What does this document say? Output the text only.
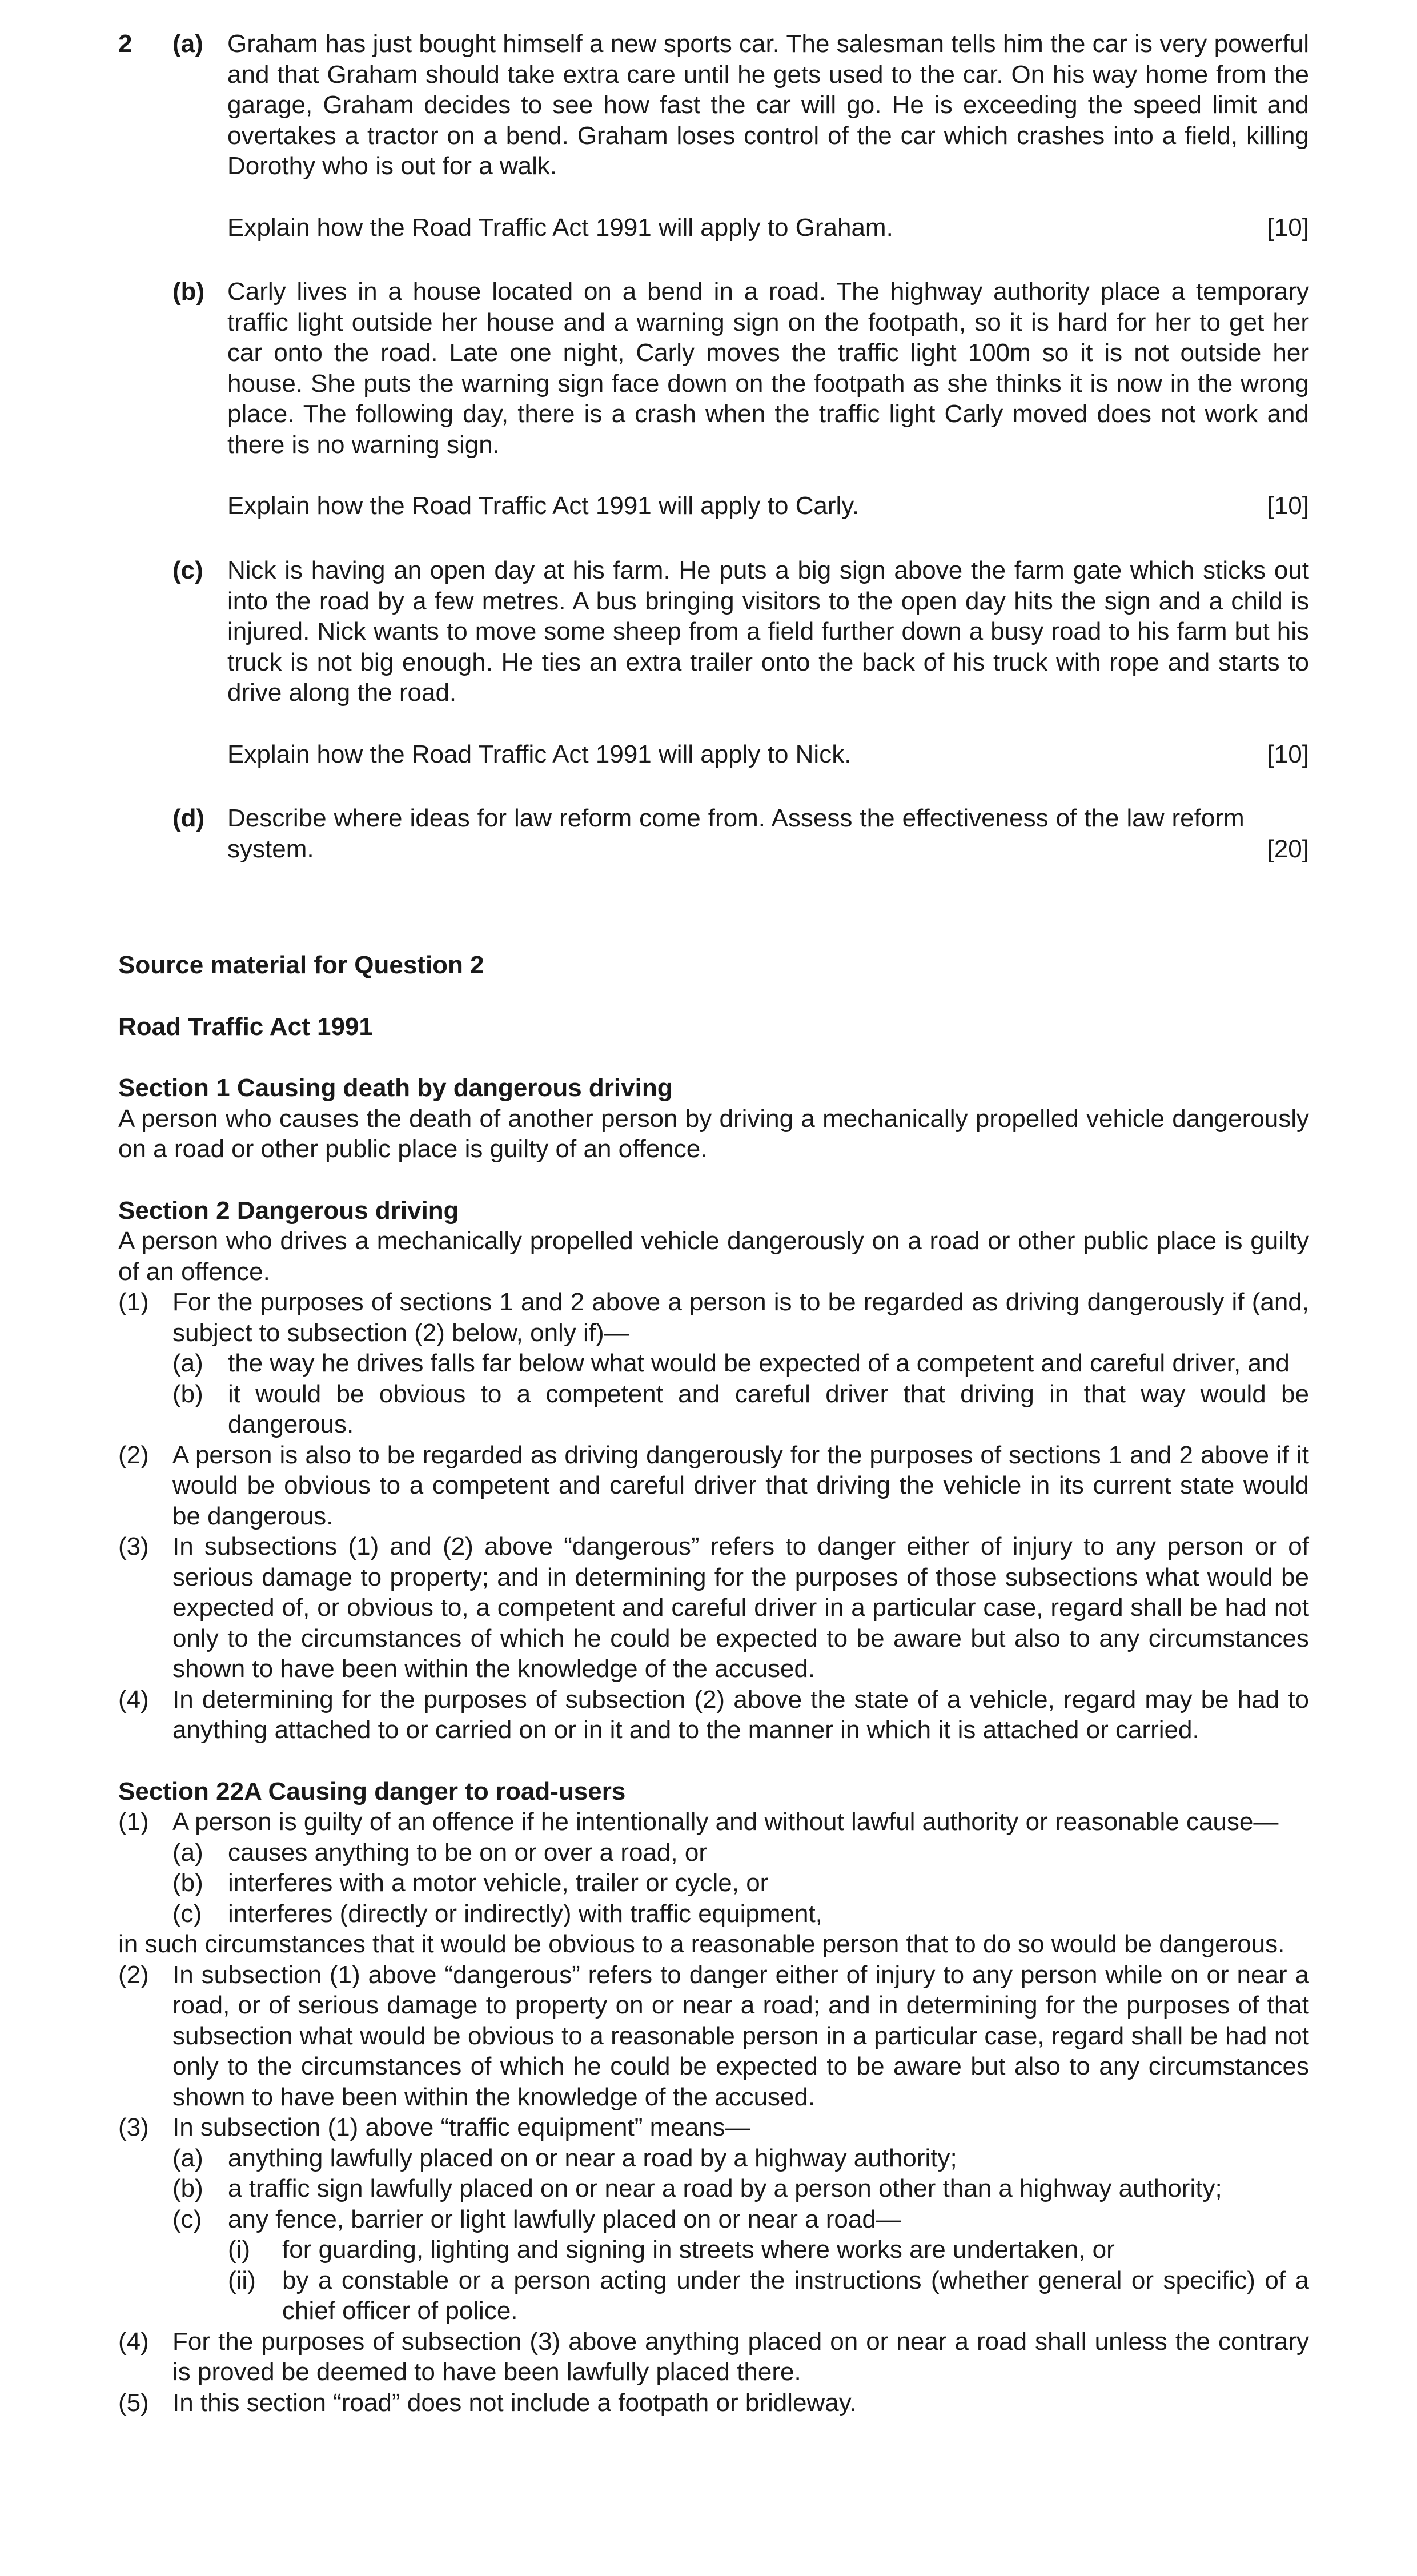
2 (a) Graham has just bought himself a new sports car. The salesman tells him the car is very powerful and that Graham should take extra care until he gets used to the car. On his way home from the garage, Graham decides to see how fast the car will go. He is exceeding the speed limit and overtakes a tractor on a bend. Graham loses control of the car which crashes into a field, killing Dorothy who is out for a walk.
Explain how the Road Traffic Act 1991 will apply to Graham.	[10]
(b) Carly lives in a house located on a bend in a road. The highway authority place a temporary traffic light outside her house and a warning sign on the footpath, so it is hard for her to get her car onto the road. Late one night, Carly moves the traffic light 100m so it is not outside her house. She puts the warning sign face down on the footpath as she thinks it is now in the wrong place. The following day, there is a crash when the traffic light Carly moved does not work and there is no warning sign.
Explain how the Road Traffic Act 1991 will apply to Carly.	[10]
(c) Nick is having an open day at his farm. He puts a big sign above the farm gate which sticks out into the road by a few metres. A bus bringing visitors to the open day hits the sign and a child is injured. Nick wants to move some sheep from a field further down a busy road to his farm but his truck is not big enough. He ties an extra trailer onto the back of his truck with rope and starts to drive along the road.
Explain how the Road Traffic Act 1991 will apply to Nick.	[10]
(d) Describe where ideas for law reform come from. Assess the effectiveness of the law reform system.	[20]
Source material for Question 2
Road Traffic Act 1991
Section 1 Causing death by dangerous driving
A person who causes the death of another person by driving a mechanically propelled vehicle dangerously on a road or other public place is guilty of an offence.
Section 2 Dangerous driving
A person who drives a mechanically propelled vehicle dangerously on a road or other public place is guilty of an offence.
(1) For the purposes of sections 1 and 2 above a person is to be regarded as driving dangerously if (and, subject to subsection (2) below, only if)—
(a) the way he drives falls far below what would be expected of a competent and careful driver, and
(b) it would be obvious to a competent and careful driver that driving in that way would be dangerous.
(2) A person is also to be regarded as driving dangerously for the purposes of sections 1 and 2 above if it would be obvious to a competent and careful driver that driving the vehicle in its current state would be dangerous.
(3) In subsections (1) and (2) above “dangerous” refers to danger either of injury to any person or of serious damage to property; and in determining for the purposes of those subsections what would be expected of, or obvious to, a competent and careful driver in a particular case, regard shall be had not only to the circumstances of which he could be expected to be aware but also to any circumstances shown to have been within the knowledge of the accused.
(4) In determining for the purposes of subsection (2) above the state of a vehicle, regard may be had to anything attached to or carried on or in it and to the manner in which it is attached or carried.
Section 22A Causing danger to road-users
(1) A person is guilty of an offence if he intentionally and without lawful authority or reasonable cause—
(a) causes anything to be on or over a road, or
(b) interferes with a motor vehicle, trailer or cycle, or
(c) interferes (directly or indirectly) with traffic equipment,
in such circumstances that it would be obvious to a reasonable person that to do so would be dangerous.
(2) In subsection (1) above “dangerous” refers to danger either of injury to any person while on or near a road, or of serious damage to property on or near a road; and in determining for the purposes of that subsection what would be obvious to a reasonable person in a particular case, regard shall be had not only to the circumstances of which he could be expected to be aware but also to any circumstances shown to have been within the knowledge of the accused.
(3) In subsection (1) above “traffic equipment” means—
(a) anything lawfully placed on or near a road by a highway authority;
(b) a traffic sign lawfully placed on or near a road by a person other than a highway authority;
(c) any fence, barrier or light lawfully placed on or near a road—
(i) for guarding, lighting and signing in streets where works are undertaken, or
(ii) by a constable or a person acting under the instructions (whether general or specific) of a chief officer of police.
(4) For the purposes of subsection (3) above anything placed on or near a road shall unless the contrary is proved be deemed to have been lawfully placed there.
(5) In this section “road” does not include a footpath or bridleway.
